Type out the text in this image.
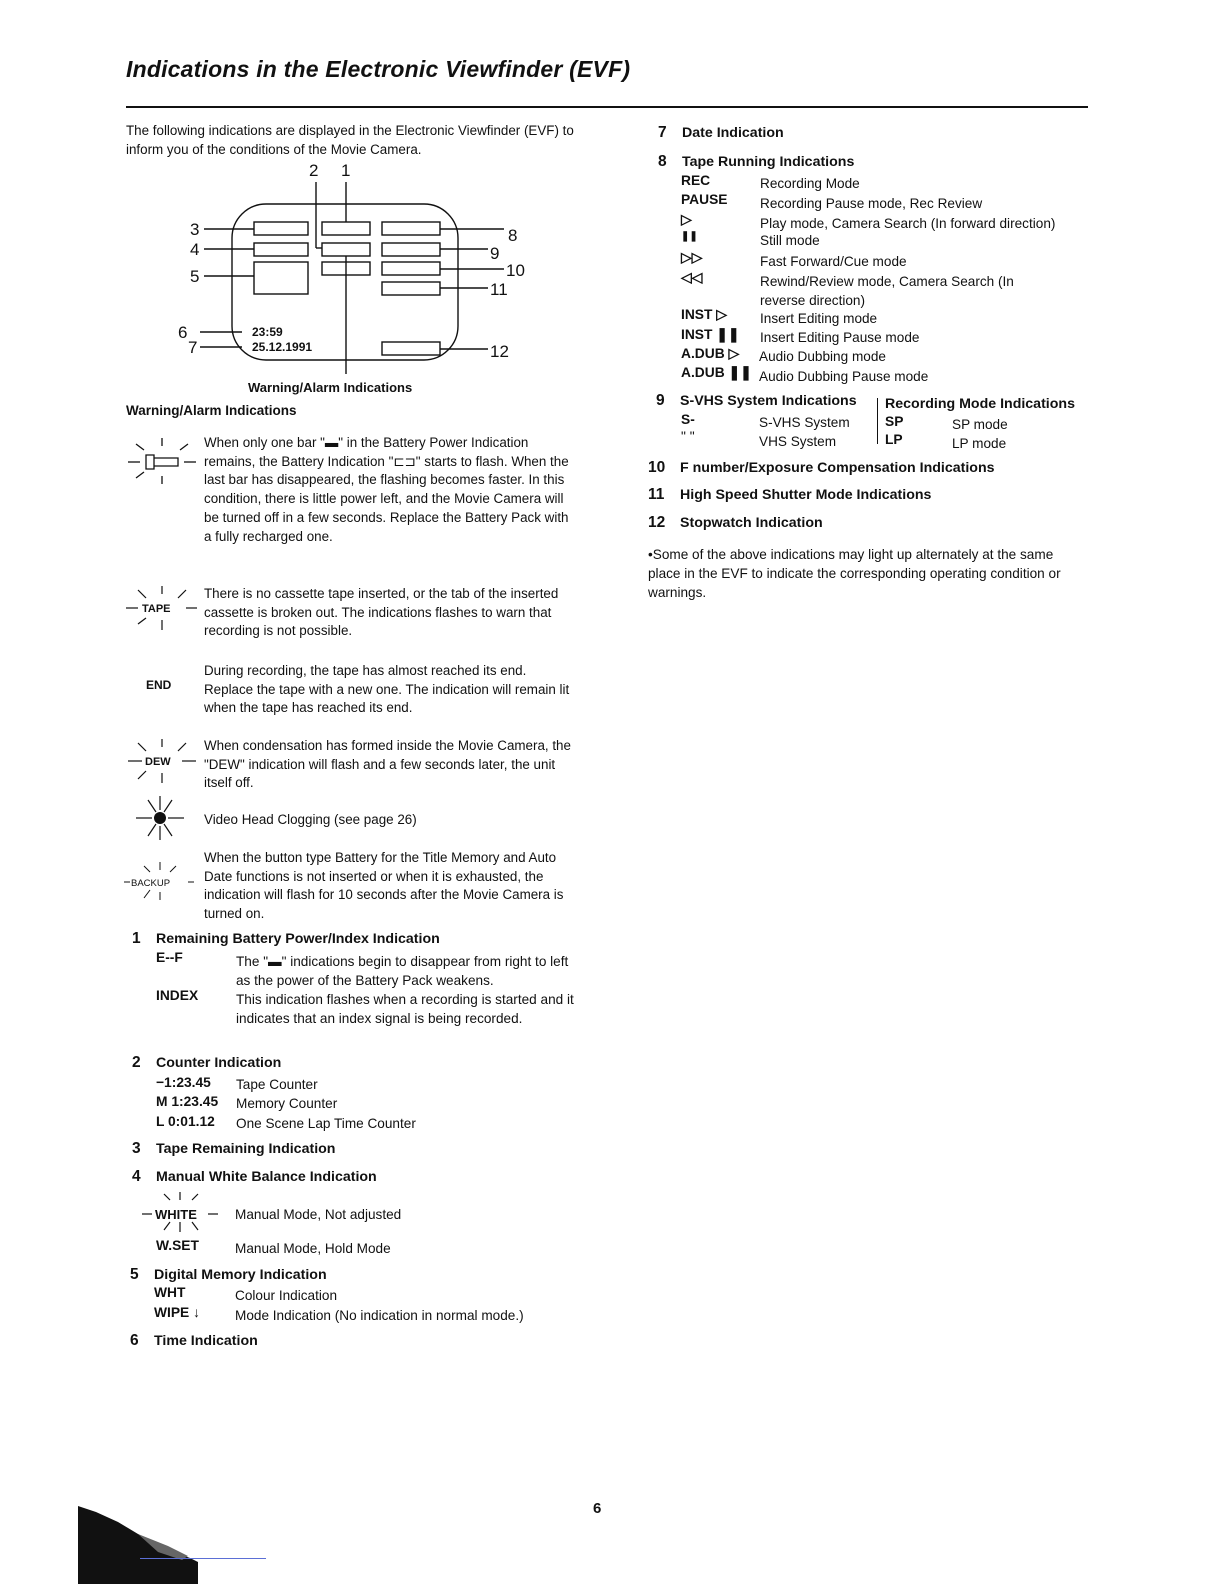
Indications in the Electronic Viewfinder (EVF)

The following indications are displayed in the Electronic Viewfinder (EVF) to inform you of the conditions of the Movie Camera.

2 1
3
4
5
6
7
8
9
10
11
12
23:59
25.12.1991
Warning/Alarm Indications
Warning/Alarm Indications
TAPE
END
DEW
BACKUP

When only one bar "▬" in the Battery Power Indication remains, the Battery Indication "⊏⊐" starts to flash. When the last bar has disappeared, the flashing becomes faster. In this condition, there is little power left, and the Movie Camera will be turned off in a few seconds. Replace the Battery Pack with a fully recharged one.

There is no cassette tape inserted, or the tab of the inserted cassette is broken out. The indications flashes to warn that recording is not possible.

During recording, the tape has almost reached its end. Replace the tape with a new one. The indication will remain lit when the tape has reached its end.

When condensation has formed inside the Movie Camera, the "DEW" indication will flash and a few seconds later, the unit itself off.

Video Head Clogging (see page 26)

When the button type Battery for the Title Memory and Auto Date functions is not inserted or when it is exhausted, the indication will flash for 10 seconds after the Movie Camera is turned on.

1 Remaining Battery Power/Index Indication
E--F	The "▬" indications begin to disappear from right to left as the power of the Battery Pack weakens.
INDEX	This indication flashes when a recording is started and it indicates that an index signal is being recorded.
2 Counter Indication
−1:23.45 Tape Counter
M 1:23.45 Memory Counter
L 0:01.12 One Scene Lap Time Counter
3 Tape Remaining Indication
4 Manual White Balance Indication
WHITE	Manual Mode, Not adjusted
W.SET	Manual Mode, Hold Mode
5 Digital Memory Indication
WHT	Colour Indication
WIPE ↓	Mode Indication (No indication in normal mode.)
6 Time Indication
7 Date Indication
8 Tape Running Indications
REC	Recording Mode
PAUSE Recording Pause mode, Rec Review
▷	Play mode, Camera Search (In forward direction)
❚❚	Still mode
▷▷	Fast Forward/Cue mode
◁◁	Rewind/Review mode, Camera Search (In reverse direction)
INST ▷ Insert Editing mode
INST ❚❚ Insert Editing Pause mode
A.DUB ▷ Audio Dubbing mode
A.DUB ❚❚ Audio Dubbing Pause mode
9 S-VHS System Indications Recording Mode Indications
S-	S-VHS System	SP	SP mode
" "	VHS System	LP	LP mode
10 F number/Exposure Compensation Indications
11 High Speed Shutter Mode Indications
12 Stopwatch Indication

•Some of the above indications may light up alternately at the same place in the EVF to indicate the corresponding operating condition or warnings.

6
